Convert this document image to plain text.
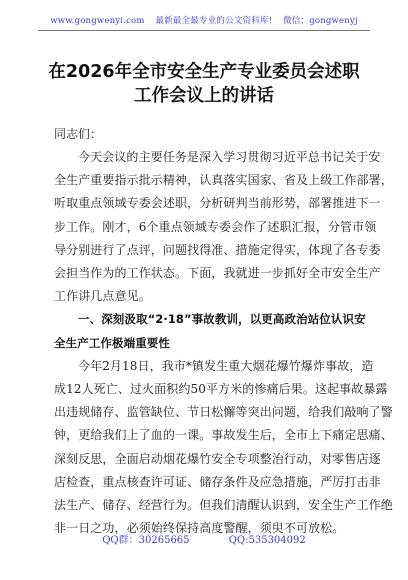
www.gongwenyi.com 最新最全最专业的公文资料库! 微信：gongwenyj
在2026年全市安全生产专业委员会述职
工作会议上的讲话
同志们：
今天会议的主要任务是深入学习贯彻习近平总书记关于安
全生产重要指示批示精神，认真落实国家、省及上级工作部署，
听取重点领域专委会述职，分析研判当前形势，部署推进下一
步工作。刚才，6个重点领域专委会作了述职汇报，分管市领
导分别进行了点评，问题找得准、措施定得实，体现了各专委
会担当作为的工作状态。下面，我就进一步抓好全市安全生产
工作讲几点意见。
一、深刻汲取“2·18”事故教训，以更高政治站位认识安
全生产工作极端重要性
今年2月18日，我市*镇发生重大烟花爆竹爆炸事故，造
成12人死亡、过火面积约50平方米的惨痛后果。这起事故暴露
出违规储存、监管缺位、节日松懈等突出问题，给我们敲响了警
钟，更给我们上了血的一课。事故发生后，全市上下痛定思痛、
深刻反思，全面启动烟花爆竹安全专项整治行动，对零售店逐
店检查，重点核查许可证、储存条件及应急措施，严厉打击非
法生产、储存、经营行为。但我们清醒认识到，安全生产工作绝
非一日之功，必须始终保持高度警醒，须臾不可放松。
QQ群：30265665	QQ:535304092
